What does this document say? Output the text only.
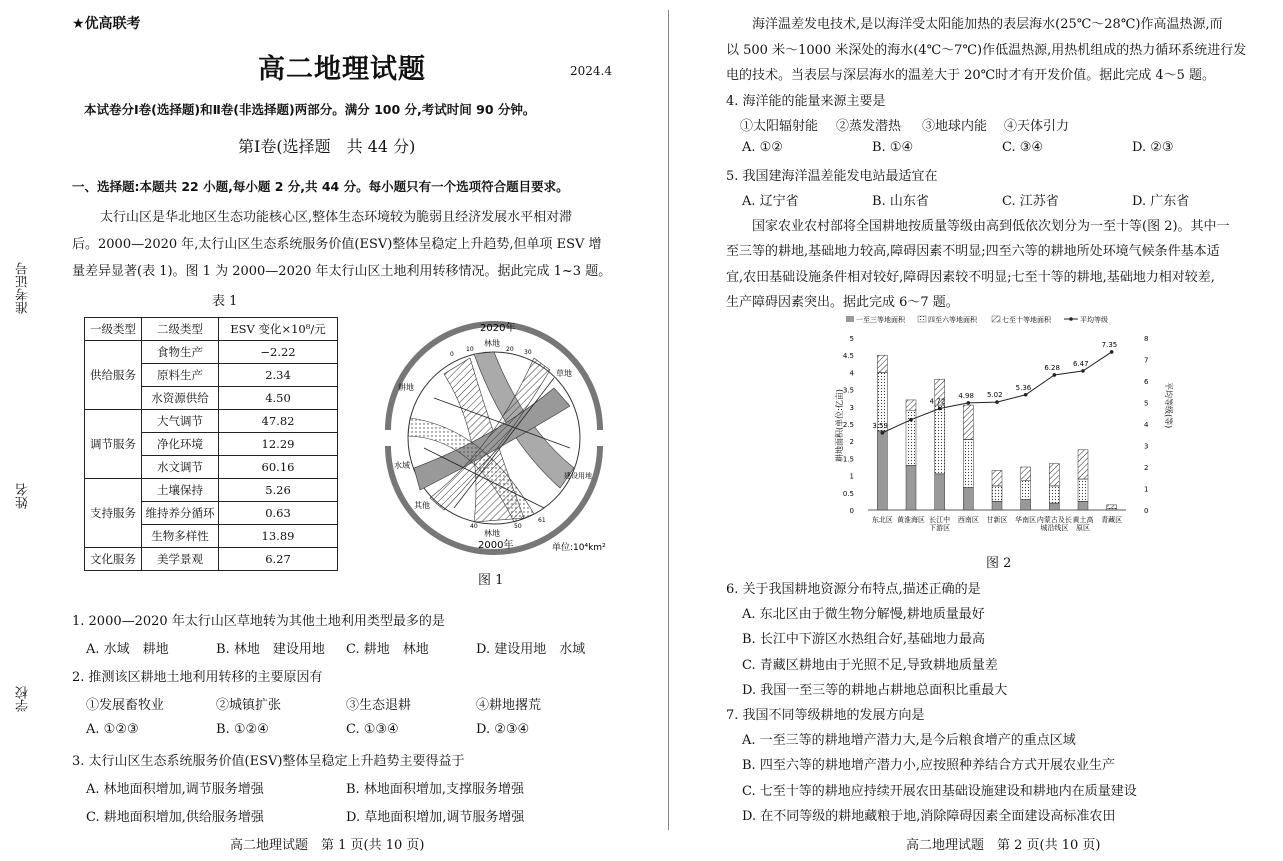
准考证号
姓名
学校
★优高联考
高二地理试题	2024.4
本试卷分Ⅰ卷(选择题)和Ⅱ卷(非选择题)两部分。满分 100 分,考试时间 90 分钟。
第Ⅰ卷(选择题　共 44 分)
一、选择题:本题共 22 小题,每小题 2 分,共 44 分。每小题只有一个选项符合题目要求。
太行山区是华北地区生态功能核心区,整体生态环境较为脆弱且经济发展水平相对滞
后。2000—2020 年,太行山区生态系统服务价值(ESV)整体呈稳定上升趋势,但单项 ESV 增
量差异显著(表 1)。图 1 为 2000—2020 年太行山区土地利用转移情况。据此完成 1~3 题。
表 1
一级类型	二级类型	ESV 变化×10⁸/元
供给服务	食物生产	−2.22
	原料生产	2.34
	水资源供给	4.50
调节服务	大气调节	47.82
	净化环境	12.29
	水文调节	60.16
支持服务	土壤保持	5.26
	维持养分循环	0.63
	生物多样性	13.89
文化服务	美学景观	6.27
2020年
2000年
林地
林地
草地
耕地
水域
建设用地
其他
0
10	20 30
40	50
61
单位:10⁴km²
图 1
1. 2000—2020 年太行山区草地转为其他土地利用类型最多的是
A. 水域　耕地	B. 林地　建设用地 C. 耕地　林地	D. 建设用地　水域
2. 推测该区耕地土地利用转移的主要原因有
①发展畜牧业	②城镇扩张	③生态退耕	④耕地撂荒
A. ①②③	B. ①②④	C. ①③④	D. ②③④
3. 太行山区生态系统服务价值(ESV)整体呈稳定上升趋势主要得益于
A. 林地面积增加,调节服务增强	B. 林地面积增加,支撑服务增强
C. 耕地面积增加,供给服务增强	D. 草地面积增加,调节服务增强
高二地理试题　第 1 页(共 10 页)
海洋温差发电技术,是以海洋受太阳能加热的表层海水(25℃～28℃)作高温热源,而
以 500 米～1000 米深处的海水(4℃～7℃)作低温热源,用热机组成的热力循环系统进行发
电的技术。当表层与深层海水的温差大于 20℃时才有开发价值。据此完成 4～5 题。
4. 海洋能的能量来源主要是
①太阳辐射能 ②蒸发潜热 ③地球内能 ④天体引力
A. ①②	B. ①④	C. ③④	D. ②③
5. 我国建海洋温差能发电站最适宜在
A. 辽宁省	B. 山东省	C. 江苏省	D. 广东省
国家农业农村部将全国耕地按质量等级由高到低依次划分为一至十等(图 2)。其中一
至三等的耕地,基础地力较高,障碍因素不明显;四至六等的耕地所处环境气候条件基本适
宜,农田基础设施条件相对较好,障碍因素较不明显;七至十等的耕地,基础地力相对较差,
生产障碍因素突出。据此完成 6～7 题。
一至三等地面积	四至六等地面积	七至十等地面积	平均等级
耕地面积(单位:亿亩)	平均等级(等)
0
0.5
1
1.5
2
2.5
3
3.5
4
4.5
5
0
1
2
3
4
5
6
7
8
东北区 黄淮海区 长江中下游区
西南区 甘新区 华南区 内蒙古及长城沿线区
黄土高原区
青藏区
3.59
4.72
4.98 5.02
5.36
6.28
6.47
7.35
图 2
6. 关于我国耕地资源分布特点,描述正确的是
A. 东北区由于微生物分解慢,耕地质量最好
B. 长江中下游区水热组合好,基础地力最高
C. 青藏区耕地由于光照不足,导致耕地质量差
D. 我国一至三等的耕地占耕地总面积比重最大
7. 我国不同等级耕地的发展方向是
A. 一至三等的耕地增产潜力大,是今后粮食增产的重点区域
B. 四至六等的耕地增产潜力小,应按照种养结合方式开展农业生产
C. 七至十等的耕地应持续开展农田基础设施建设和耕地内在质量建设
D. 在不同等级的耕地藏粮于地,消除障碍因素全面建设高标准农田
高二地理试题　第 2 页(共 10 页)
